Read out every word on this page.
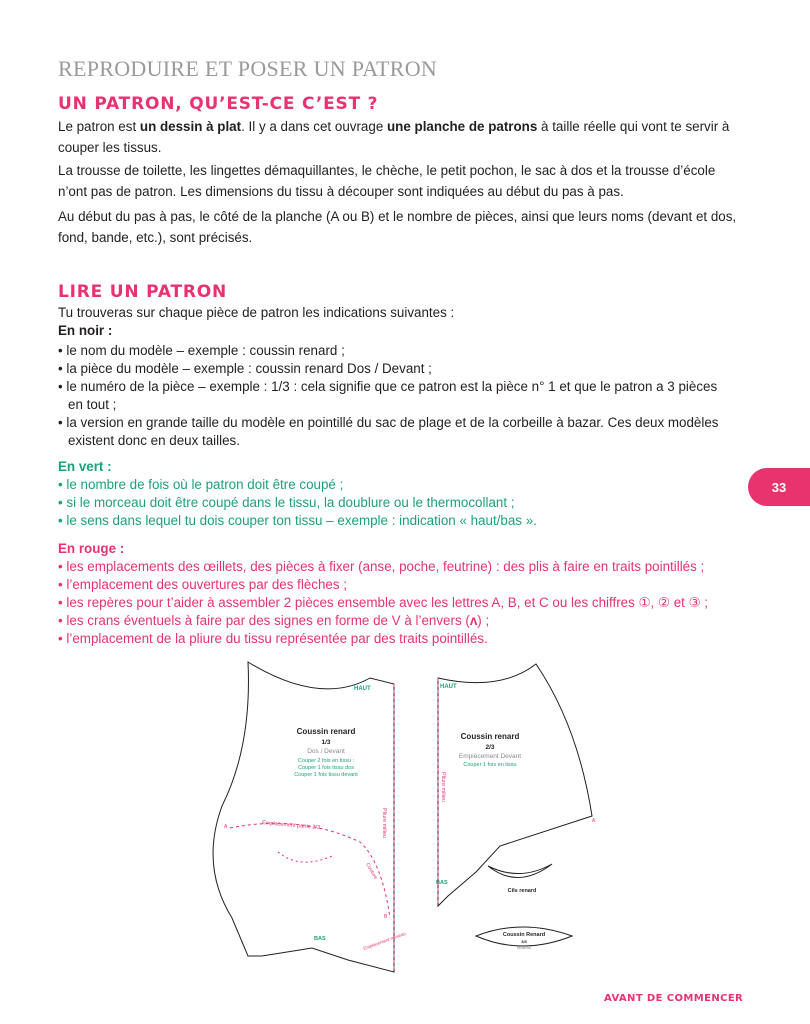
REPRODUIRE ET POSER UN PATRON
UN PATRON, QU’EST-CE C’EST ?
Le patron est un dessin à plat. Il y a dans cet ouvrage une planche de patrons à taille réelle qui vont te servir à couper les tissus.
La trousse de toilette, les lingettes démaquillantes, le chèche, le petit pochon, le sac à dos et la trousse d’école n’ont pas de patron. Les dimensions du tissu à découper sont indiquées au début du pas à pas.
Au début du pas à pas, le côté de la planche (A ou B) et le nombre de pièces, ainsi que leurs noms (devant et dos, fond, bande, etc.), sont précisés.
LIRE UN PATRON
Tu trouveras sur chaque pièce de patron les indications suivantes :
En noir :
• le nom du modèle – exemple : coussin renard ;
• la pièce du modèle – exemple : coussin renard Dos / Devant ;
• le numéro de la pièce – exemple : 1/3 : cela signifie que ce patron est la pièce n° 1 et que le patron a 3 pièces
en tout ;
• la version en grande taille du modèle en pointillé du sac de plage et de la corbeille à bazar. Ces deux modèles
existent donc en deux tailles.
En vert :
• le nombre de fois où le patron doit être coupé ;
• si le morceau doit être coupé dans le tissu, la doublure ou le thermocollant ;
• le sens dans lequel tu dois couper ton tissu – exemple : indication « haut/bas ».
En rouge :
• les emplacements des œillets, des pièces à fixer (anse, poche, feutrine) : des plis à faire en traits pointillés ;
• l’emplacement des ouvertures par des flèches ;
• les repères pour t’aider à assembler 2 pièces ensemble avec les lettres A, B, et C ou les chiffres ①, ② et ③ ;
• les crans éventuels à faire par des signes en forme de V à l’envers (ʌ) ;
• l’emplacement de la pliure du tissu représentée par des traits pointillés.
33
HAUT
Coussin renard
1/3
Dos / Devant
Couper 2 fois en tissu :
Couper 1 fois tissu dos
Couper 1 fois tissu devant
Pliure milieu
Emplacement partie 2/3
A
B
Couture
BAS	Emplacement museau
HAUT
Coussin renard
2/3
Empiècement Devant
Couper 1 fois en tissu
Pliure milieu
A
BAS
Cils renard
Coussin Renard
3/3
Museau
AVANT DE COMMENCER
